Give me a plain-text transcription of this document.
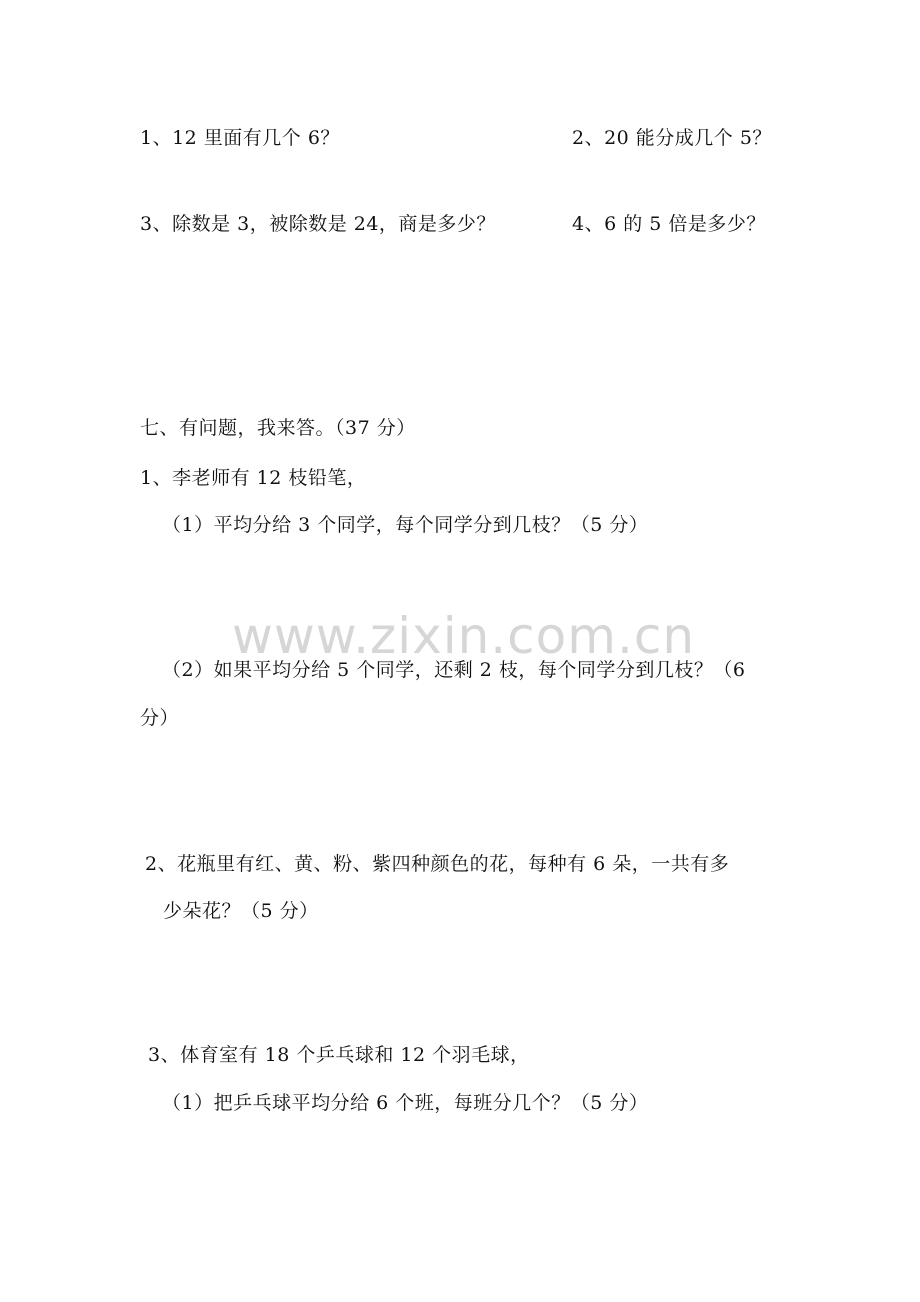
www.zixin.com.cn
1、12 里面有几个 6？	2、20 能分成几个 5？
3、除数是 3，被除数是 24，商是多少？	4、6 的 5 倍是多少？
七、有问题，我来答。（37 分）
1、李老师有 12 枝铅笔，
（1）平均分给 3 个同学，每个同学分到几枝？（5 分）
（2）如果平均分给 5 个同学，还剩 2 枝，每个同学分到几枝？（6
分）
2、花瓶里有红、黄、粉、紫四种颜色的花，每种有 6 朵，一共有多
少朵花？（5 分）
3、体育室有 18 个乒乓球和 12 个羽毛球，
（1）把乒乓球平均分给 6 个班，每班分几个？（5 分）
